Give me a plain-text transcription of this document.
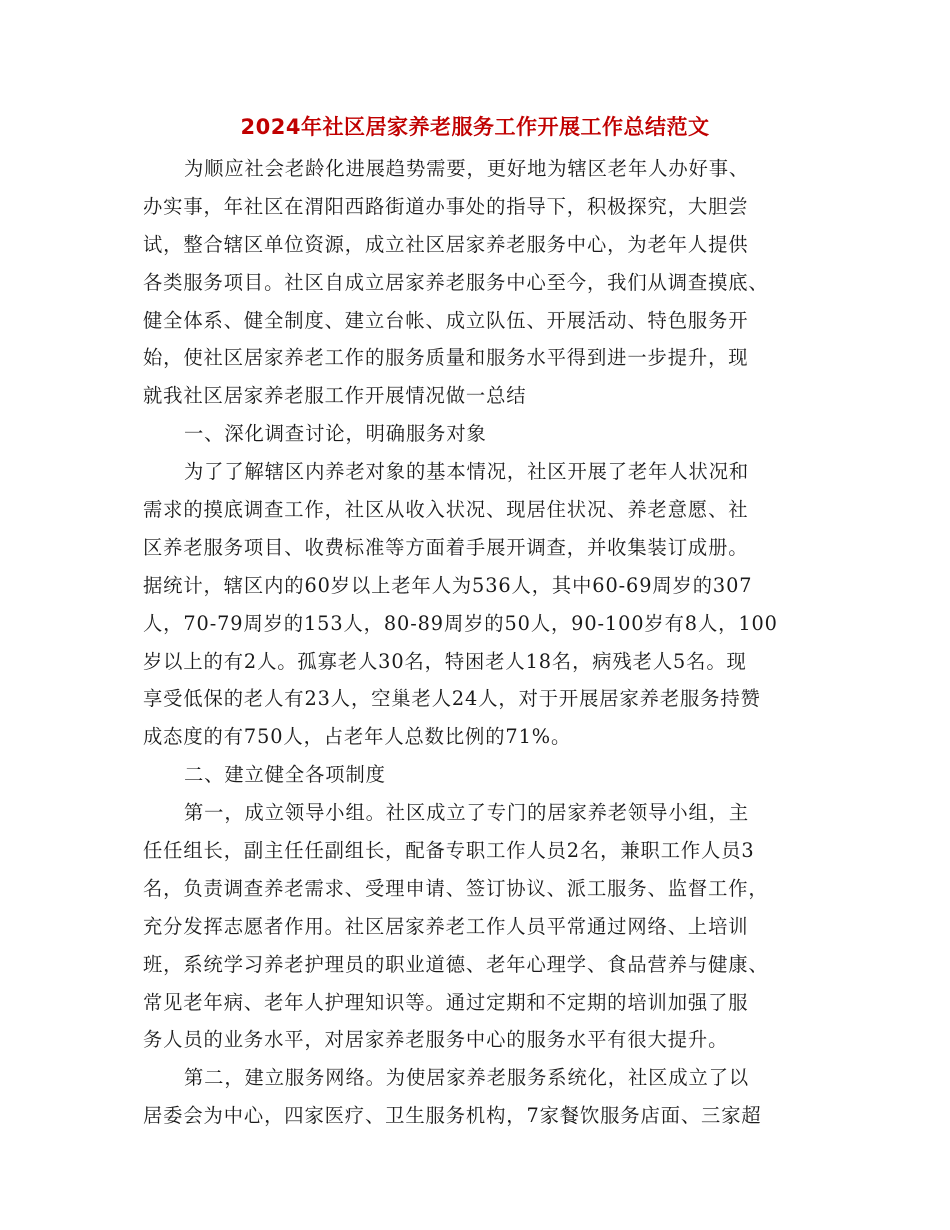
2024年社区居家养老服务工作开展工作总结范文
为顺应社会老龄化进展趋势需要，更好地为辖区老年人办好事、
办实事，年社区在渭阳西路街道办事处的指导下，积极探究，大胆尝
试，整合辖区单位资源，成立社区居家养老服务中心，为老年人提供
各类服务项目。社区自成立居家养老服务中心至今，我们从调查摸底、
健全体系、健全制度、建立台帐、成立队伍、开展活动、特色服务开
始，使社区居家养老工作的服务质量和服务水平得到进一步提升，现
就我社区居家养老服工作开展情况做一总结
一、深化调查讨论，明确服务对象
为了了解辖区内养老对象的基本情况，社区开展了老年人状况和
需求的摸底调查工作，社区从收入状况、现居住状况、养老意愿、社
区养老服务项目、收费标准等方面着手展开调查，并收集装订成册。
据统计，辖区内的60岁以上老年人为536人，其中60-69周岁的307
人，70-79周岁的153人，80-89周岁的50人，90-100岁有8人，100
岁以上的有2人。孤寡老人30名，特困老人18名，病残老人5名。现
享受低保的老人有23人，空巢老人24人，对于开展居家养老服务持赞
成态度的有750人，占老年人总数比例的71%。
二、建立健全各项制度
第一，成立领导小组。社区成立了专门的居家养老领导小组，主
任任组长，副主任任副组长，配备专职工作人员2名，兼职工作人员3
名，负责调查养老需求、受理申请、签订协议、派工服务、监督工作，
充分发挥志愿者作用。社区居家养老工作人员平常通过网络、上培训
班，系统学习养老护理员的职业道德、老年心理学、食品营养与健康、
常见老年病、老年人护理知识等。通过定期和不定期的培训加强了服
务人员的业务水平，对居家养老服务中心的服务水平有很大提升。
第二，建立服务网络。为使居家养老服务系统化，社区成立了以
居委会为中心，四家医疗、卫生服务机构，7家餐饮服务店面、三家超
